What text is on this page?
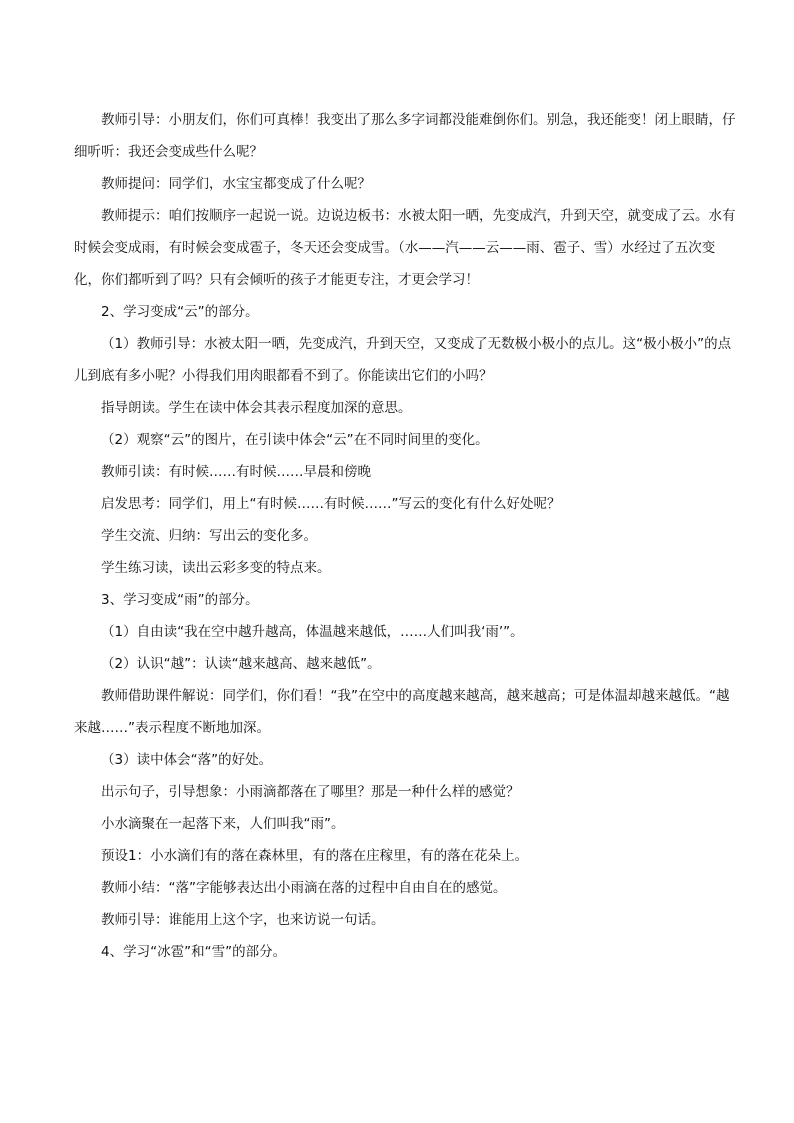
教师引导：小朋友们，你们可真棒！我变出了那么多字词都没能难倒你们。别急，我还能变！闭上眼睛，仔细听听：我还会变成些什么呢？

教师提问：同学们，水宝宝都变成了什么呢？

教师提示：咱们按顺序一起说一说。边说边板书：水被太阳一晒，先变成汽，升到天空，就变成了云。水有时候会变成雨，有时候会变成雹子，冬天还会变成雪。（水——汽——云——雨、雹子、雪）水经过了五次变化，你们都听到了吗？只有会倾听的孩子才能更专注，才更会学习！

2、学习变成“云”的部分。

（1）教师引导：水被太阳一晒，先变成汽，升到天空，又变成了无数极小极小的点儿。这“极小极小”的点儿到底有多小呢？小得我们用肉眼都看不到了。你能读出它们的小吗？

指导朗读。学生在读中体会其表示程度加深的意思。

（2）观察“云”的图片，在引读中体会“云”在不同时间里的变化。

教师引读：有时候……有时候……早晨和傍晚

启发思考：同学们，用上“有时候……有时候……”写云的变化有什么好处呢？

学生交流、归纳：写出云的变化多。

学生练习读，读出云彩多变的特点来。

3、学习变成“雨”的部分。

（1）自由读“我在空中越升越高，体温越来越低，……人们叫我‘雨’”。

（2）认识“越”：认读“越来越高、越来越低”。

教师借助课件解说：同学们，你们看！“我”在空中的高度越来越高，越来越高；可是体温却越来越低。“越来越……”表示程度不断地加深。

（3）读中体会“落”的好处。

出示句子，引导想象：小雨滴都落在了哪里？那是一种什么样的感觉？

小水滴聚在一起落下来，人们叫我“雨”。

预设1：小水滴们有的落在森林里，有的落在庄稼里，有的落在花朵上。

教师小结：“落”字能够表达出小雨滴在落的过程中自由自在的感觉。

教师引导：谁能用上这个字，也来访说一句话。

4、学习“冰雹”和“雪”的部分。
